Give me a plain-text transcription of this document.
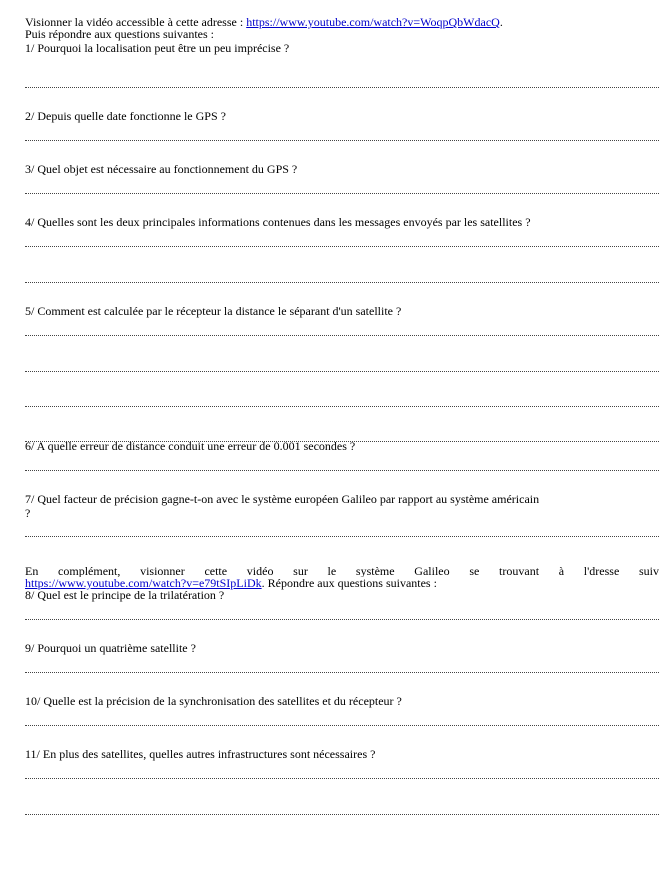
Visionner la vidéo accessible à cette adresse : https://www.youtube.com/watch?v=WoqpQbWdacQ.
Puis répondre aux questions suivantes :
1/ Pourquoi la localisation peut être un peu imprécise ?
2/ Depuis quelle date fonctionne le GPS ?
3/ Quel objet est nécessaire au fonctionnement du GPS ?
4/ Quelles sont les deux principales informations contenues dans les messages envoyés par les satellites ?
5/ Comment est calculée par le récepteur la distance le séparant d'un satellite ?
6/ A quelle erreur de distance conduit une erreur de 0.001 secondes ?
7/ Quel facteur de précision gagne-t-on avec le système européen Galileo par rapport au système américain
?
En complément, visionner cette vidéo sur le système Galileo se trouvant à l'dresse suiv
https://www.youtube.com/watch?v=e79tSIpLiDk. Répondre aux questions suivantes :
8/ Quel est le principe de la trilatération ?
9/ Pourquoi un quatrième satellite ?
10/ Quelle est la précision de la synchronisation des satellites et du récepteur ?
11/ En plus des satellites, quelles autres infrastructures sont nécessaires ?
